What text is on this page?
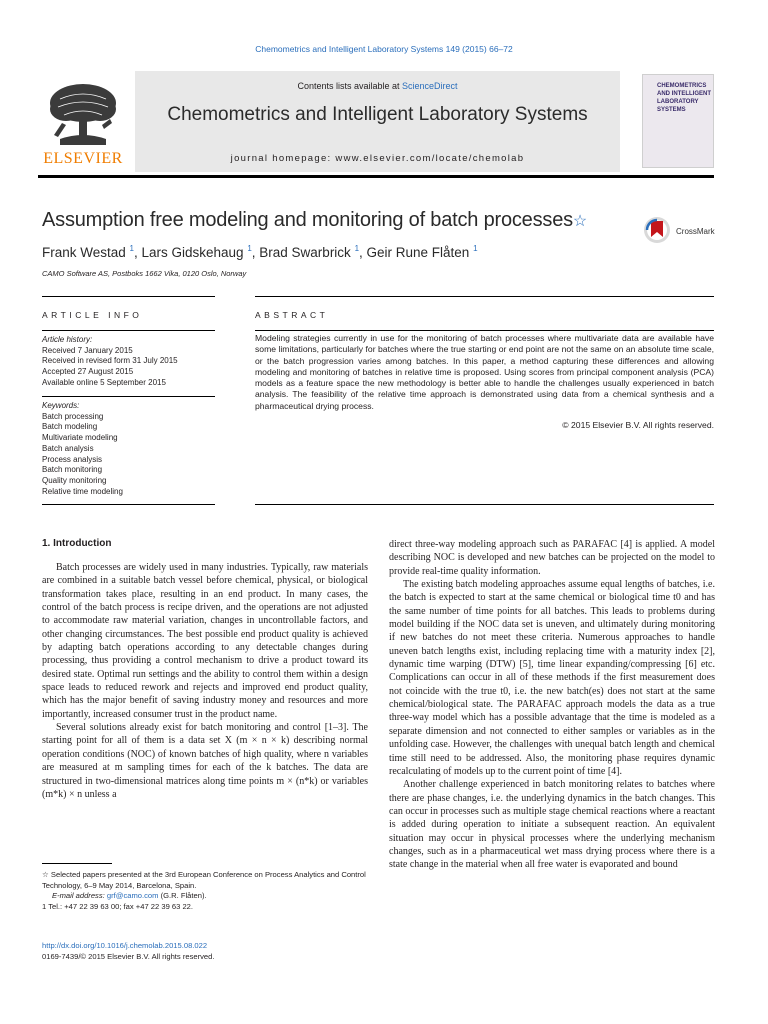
Chemometrics and Intelligent Laboratory Systems 149 (2015) 66–72
Contents lists available at ScienceDirect
Chemometrics and Intelligent Laboratory Systems
journal homepage: www.elsevier.com/locate/chemolab
ELSEVIER
CHEMOMETRICS
AND INTELLIGENT
LABORATORY
SYSTEMS
Assumption free modeling and monitoring of batch processes☆
CrossMark
Frank Westad $^1$, Lars Gidskehaug $^1$, Brad Swarbrick $^1$, Geir Rune Flåten $^1$
CAMO Software AS, Postboks 1662 Vika, 0120 Oslo, Norway
ARTICLE INFO	ABSTRACT
Article history:
Received 7 January 2015
Received in revised form 31 July 2015
Accepted 27 August 2015
Available online 5 September 2015
Keywords:
Batch processing
Batch modeling
Multivariate modeling
Batch analysis
Process analysis
Batch monitoring
Quality monitoring
Relative time modeling
Modeling strategies currently in use for the monitoring of batch processes where multivariate data are available have some limitations, particularly for batches where the true starting or end point are not the same on an absolute time scale, or the batch progression varies among batches. In this paper, a method capturing these differences and allowing modeling and monitoring of batches in relative time is proposed. Using scores from principal component analysis (PCA) models as a feature space the new methodology is better able to handle the challenges usually experienced in batch analysis. The feasibility of the relative time approach is demonstrated using data from a chemical synthesis and a pharmaceutical drying process.
© 2015 Elsevier B.V. All rights reserved.
1. Introduction

Batch processes are widely used in many industries. Typically, raw materials are combined in a suitable batch vessel before chemical, physical, or biological transformation takes place, resulting in an end product. In many cases, the control of the batch process is recipe driven, and the operations are not adjusted to accommodate raw material variation, changes in uncontrollable factors, and other changing circumstances. The best possible end product quality is achieved by adapting batch operations according to any detectable changes during processing, thus providing a control mechanism to drive a product toward its desired state. Optimal run settings and the ability to control them within a design space leads to reduced rework and rejects and improved end product quality, which has the major benefit of saving industry money and resources and more importantly, increased consumer trust in the product name.

Several solutions already exist for batch monitoring and control [1–3]. The starting point for all of them is a data set X (m × n × k) describing normal operation conditions (NOC) of known batches of high quality, where n variables are measured at m sampling times for each of the k batches. The data are structured in two-dimensional matrices along time points m × (n*k) or variables (m*k) × n unless a

direct three-way modeling approach such as PARAFAC [4] is applied. A model describing NOC is developed and new batches can be projected on the model to provide real-time quality information.

The existing batch modeling approaches assume equal lengths of batches, i.e. the batch is expected to start at the same chemical or biological time t0 and has the same number of time points for all batches. This leads to problems during model building if the NOC data set is uneven, and ultimately during monitoring if new batches do not meet these criteria. Numerous approaches to handle uneven batch lengths exist, including replacing time with a maturity index [2], dynamic time warping (DTW) [5], time linear expanding/compressing [6] etc. Complications can occur in all of these methods if the first measurement does not coincide with the true t0, i.e. the new batch(es) does not start at the same chemical/biological state. The PARAFAC approach models the data as a true three-way model which has a possible advantage that the time is modeled as a separate dimension and not connected to either samples or variables as in the unfolding case. However, the challenges with unequal batch length and chemical time still need to be addressed. Also, the monitoring phase requires dynamic recalculating of models up to the current point of time [4].

Another challenge experienced in batch monitoring relates to batches where there are phase changes, i.e. the underlying dynamics in the batch changes. This can occur in processes such as multiple stage chemical reactions where a reactant is added during operation to initiate a subsequent reaction. An equivalent situation may occur in physical processes where the underlying mechanism changes, such as in a pharmaceutical wet mass drying process where there is a state change in the material when all free water is evaporated and bound

☆ Selected papers presented at the 3rd European Conference on Process Analytics and Control Technology, 6–9 May 2014, Barcelona, Spain.

E-mail address: grf@camo.com (G.R. Flåten).

1 Tel.: +47 22 39 63 00; fax +47 22 39 63 22.

http://dx.doi.org/10.1016/j.chemolab.2015.08.022
0169-7439/© 2015 Elsevier B.V. All rights reserved.
